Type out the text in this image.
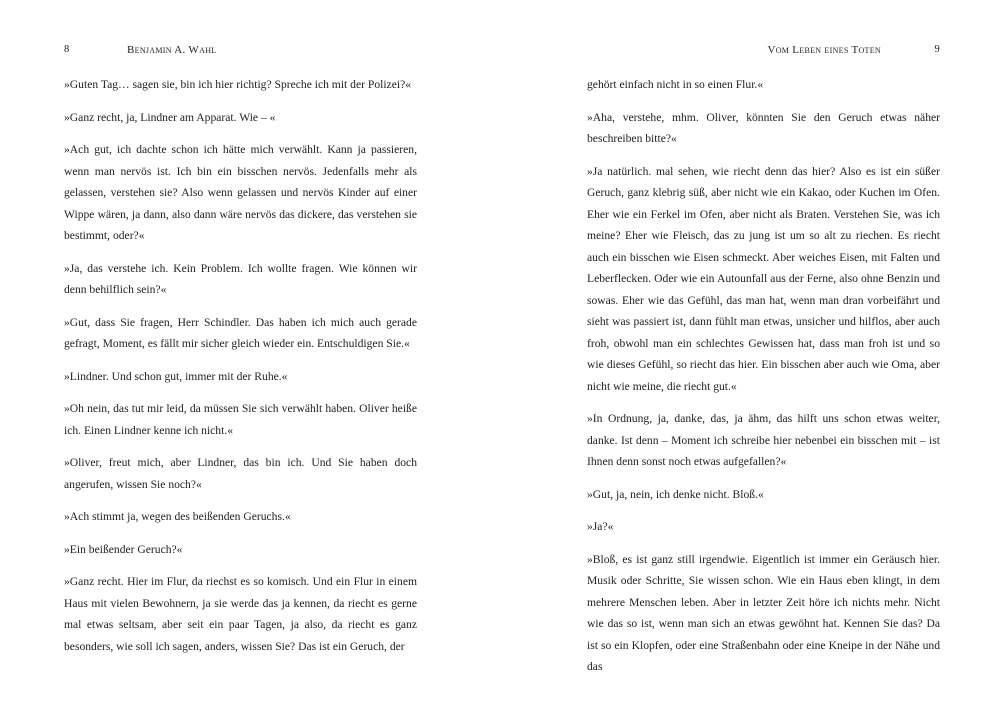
8	Benjamin A. Wahl

»Guten Tag… sagen sie, bin ich hier richtig? Spreche ich mit der Polizei?«

»Ganz recht, ja, Lindner am Apparat. Wie – «

»Ach gut, ich dachte schon ich hätte mich verwählt. Kann ja passieren, wenn man nervös ist. Ich bin ein bisschen nervös. Jedenfalls mehr als gelassen, verstehen sie? Also wenn gelassen und nervös Kinder auf einer Wippe wären, ja dann, also dann wäre nervös das dickere, das verstehen sie bestimmt, oder?«

»Ja, das verstehe ich. Kein Problem. Ich wollte fragen. Wie können wir denn behilflich sein?«

»Gut, dass Sie fragen, Herr Schindler. Das haben ich mich auch gerade gefragt, Moment, es fällt mir sicher gleich wieder ein. Entschuldigen Sie.«

»Lindner. Und schon gut, immer mit der Ruhe.«

»Oh nein, das tut mir leid, da müssen Sie sich verwählt haben. Oliver heiße ich. Einen Lindner kenne ich nicht.«

»Oliver, freut mich, aber Lindner, das bin ich. Und Sie haben doch angerufen, wissen Sie noch?«

»Ach stimmt ja, wegen des beißenden Geruchs.«

»Ein beißender Geruch?«

»Ganz recht. Hier im Flur, da riechst es so komisch. Und ein Flur in einem Haus mit vielen Bewohnern, ja sie werde das ja kennen, da riecht es gerne mal etwas seltsam, aber seit ein paar Tagen, ja also, da riecht es ganz besonders, wie soll ich sagen, anders, wissen Sie? Das ist ein Geruch, der

Vom Leben eines Toten	9

gehört einfach nicht in so einen Flur.«

»Aha, verstehe, mhm. Oliver, könnten Sie den Geruch etwas näher beschreiben bitte?«

»Ja natürlich. mal sehen, wie riecht denn das hier? Also es ist ein süßer Geruch, ganz klebrig süß, aber nicht wie ein Kakao, oder Kuchen im Ofen. Eher wie ein Ferkel im Ofen, aber nicht als Braten. Verstehen Sie, was ich meine? Eher wie Fleisch, das zu jung ist um so alt zu riechen. Es riecht auch ein bisschen wie Eisen schmeckt. Aber weiches Eisen, mit Falten und Leberflecken. Oder wie ein Autounfall aus der Ferne, also ohne Benzin und sowas. Eher wie das Gefühl, das man hat, wenn man dran vorbeifährt und sieht was passiert ist, dann fühlt man etwas, unsicher und hilflos, aber auch froh, obwohl man ein schlechtes Gewissen hat, dass man froh ist und so wie dieses Gefühl, so riecht das hier. Ein bisschen aber auch wie Oma, aber nicht wie meine, die riecht gut.«

»In Ordnung, ja, danke, das, ja ähm, das hilft uns schon etwas weiter, danke. Ist denn – Moment ich schreibe hier nebenbei ein bisschen mit – ist Ihnen denn sonst noch etwas aufgefallen?«

»Gut, ja, nein, ich denke nicht. Bloß.«

»Ja?«

»Bloß, es ist ganz still irgendwie. Eigentlich ist immer ein Geräusch hier. Musik oder Schritte, Sie wissen schon. Wie ein Haus eben klingt, in dem mehrere Menschen leben. Aber in letzter Zeit höre ich nichts mehr. Nicht wie das so ist, wenn man sich an etwas gewöhnt hat. Kennen Sie das? Da ist so ein Klopfen, oder eine Straßenbahn oder eine Kneipe in der Nähe und das
